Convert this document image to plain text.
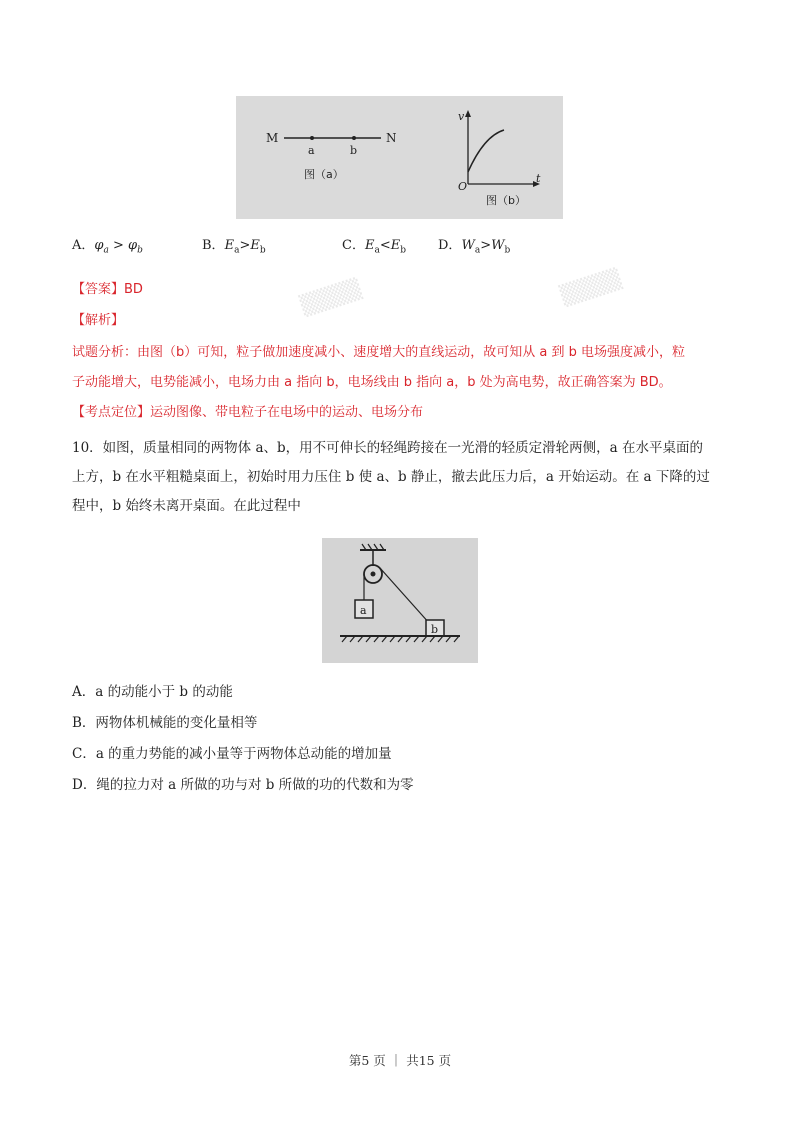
M	N
a	b
图（a）
v
t
O
图（b）
A．$\varphi_a > \varphi_b$	B．$E_a>E_b$	C．$E_a<E_b$ D．$W_a>W_b$
▒▒▒▒	▒▒▒▒
【答案】BD
【解析】
试题分析：由图（b）可知，粒子做加速度减小、速度增大的直线运动，故可知从 a 到 b 电场强度减小，粒
子动能增大，电势能减小，电场力由 a 指向 b，电场线由 b 指向 a，b 处为高电势，故正确答案为 BD。
【考点定位】运动图像、带电粒子在电场中的运动、电场分布
10．如图，质量相同的两物体 a、b，用不可伸长的轻绳跨接在一光滑的轻质定滑轮两侧，a 在水平桌面的
上方，b 在水平粗糙桌面上，初始时用力压住 b 使 a、b 静止，撤去此压力后，a 开始运动。在 a 下降的过
程中，b 始终未离开桌面。在此过程中
a
b
A．a 的动能小于 b 的动能
B．两物体机械能的变化量相等
C．a 的重力势能的减小量等于两物体总动能的增加量
D．绳的拉力对 a 所做的功与对 b 所做的功的代数和为零
第5 页 ｜ 共15 页
